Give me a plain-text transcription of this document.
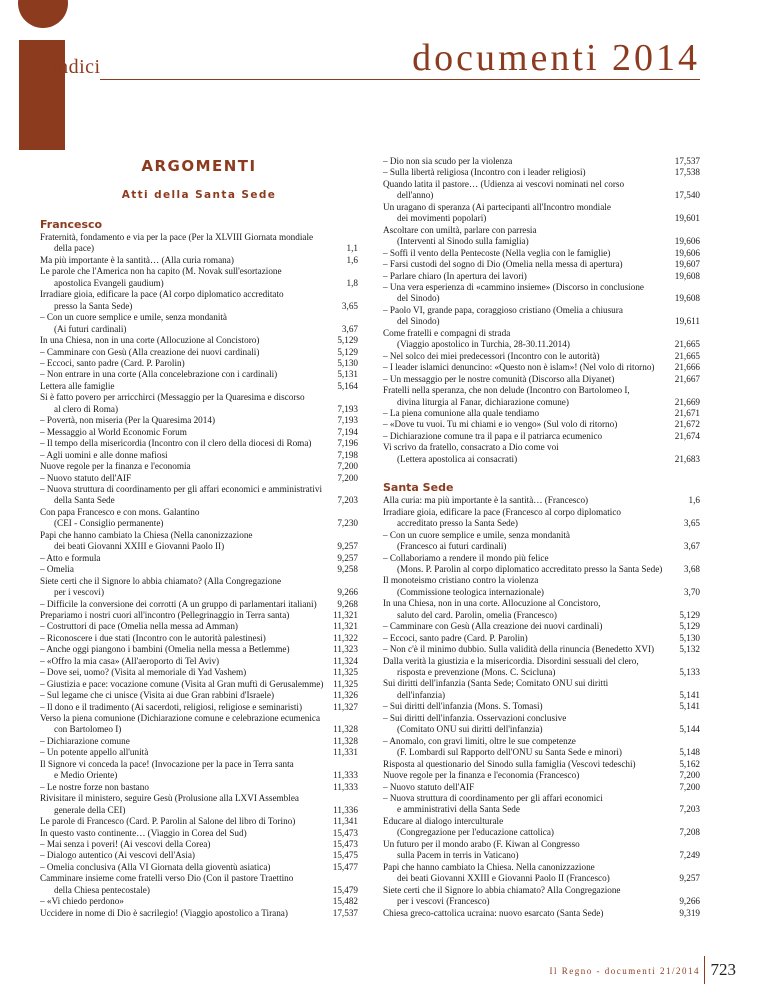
indici	documenti 2014
ARGOMENTI
Atti della Santa Sede
Francesco
Fraternità, fondamento e via per la pace (Per la XLVIII Giornata mondiale
della pace)	1,1
Ma più importante è la santità… (Alla curia romana)	1,6
Le parole che l'America non ha capito (M. Novak sull'esortazione
apostolica Evangeli gaudium)	1,8
Irradiare gioia, edificare la pace (Al corpo diplomatico accreditato
presso la Santa Sede)	3,65
– Con un cuore semplice e umile, senza mondanità
(Ai futuri cardinali)	3,67
In una Chiesa, non in una corte (Allocuzione al Concistoro)	5,129
– Camminare con Gesù (Alla creazione dei nuovi cardinali)	5,129
– Eccoci, santo padre (Card. P. Parolin)	5,130
– Non entrare in una corte (Alla concelebrazione con i cardinali)	5,131
Lettera alle famiglie	5,164
Si è fatto povero per arricchirci (Messaggio per la Quaresima e discorso
al clero di Roma)	7,193
– Povertà, non miseria (Per la Quaresima 2014)	7,193
– Messaggio al World Economic Forum	7,194
– Il tempo della misericordia (Incontro con il clero della diocesi di Roma)	7,196
– Agli uomini e alle donne mafiosi	7,198
Nuove regole per la finanza e l'economia	7,200
– Nuovo statuto dell'AIF	7,200
– Nuova struttura di coordinamento per gli affari economici e amministrativi
della Santa Sede	7,203
Con papa Francesco e con mons. Galantino
(CEI - Consiglio permanente)	7,230
Papi che hanno cambiato la Chiesa (Nella canonizzazione
dei beati Giovanni XXIII e Giovanni Paolo II)	9,257
– Atto e formula	9,257
– Omelia	9,258
Siete certi che il Signore lo abbia chiamato? (Alla Congregazione
per i vescovi)	9,266
– Difficile la conversione dei corrotti (A un gruppo di parlamentari italiani)	9,268
Prepariamo i nostri cuori all'incontro (Pellegrinaggio in Terra santa)	11,321
– Costruttori di pace (Omelia nella messa ad Amman)	11,321
– Riconoscere i due stati (Incontro con le autorità palestinesi)	11,322
– Anche oggi piangono i bambini (Omelia nella messa a Betlemme)	11,323
– «Offro la mia casa» (All'aeroporto di Tel Aviv)	11,324
– Dove sei, uomo? (Visita al memoriale di Yad Vashem)	11,325
– Giustizia e pace: vocazione comune (Visita al Gran muftì di Gerusalemme) 11,325
– Sul legame che ci unisce (Visita ai due Gran rabbini d'Israele)	11,326
– Il dono e il tradimento (Ai sacerdoti, religiosi, religiose e seminaristi)	11,327
Verso la piena comunione (Dichiarazione comune e celebrazione ecumenica
con Bartolomeo I)	11,328
– Dichiarazione comune	11,328
– Un potente appello all'unità	11,331
Il Signore vi conceda la pace! (Invocazione per la pace in Terra santa
e Medio Oriente)	11,333
– Le nostre forze non bastano	11,333
Rivisitare il ministero, seguire Gesù (Prolusione alla LXVI Assemblea
generale della CEI)	11,336
Le parole di Francesco (Card. P. Parolin al Salone del libro di Torino)	11,341
In questo vasto continente… (Viaggio in Corea del Sud)	15,473
– Mai senza i poveri! (Ai vescovi della Corea)	15,473
– Dialogo autentico (Ai vescovi dell'Asia)	15,475
– Omelia conclusiva (Alla VI Giornata della gioventù asiatica)	15,477
Camminare insieme come fratelli verso Dio (Con il pastore Traettino
della Chiesa pentecostale)	15,479
– «Vi chiedo perdono»	15,482
Uccidere in nome di Dio è sacrilegio! (Viaggio apostolico a Tirana)	17,537
– Dio non sia scudo per la violenza	17,537
– Sulla libertà religiosa (Incontro con i leader religiosi)	17,538
Quando latita il pastore… (Udienza ai vescovi nominati nel corso
dell'anno)	17,540
Un uragano di speranza (Ai partecipanti all'Incontro mondiale
dei movimenti popolari)	19,601
Ascoltare con umiltà, parlare con parresia
(Interventi al Sinodo sulla famiglia)	19,606
– Soffi il vento della Pentecoste (Nella veglia con le famiglie)	19,606
– Farsi custodi del sogno di Dio (Omelia nella messa di apertura)	19,607
– Parlare chiaro (In apertura dei lavori)	19,608
– Una vera esperienza di «cammino insieme» (Discorso in conclusione
del Sinodo)	19,608
– Paolo VI, grande papa, coraggioso cristiano (Omelia a chiusura
del Sinodo)	19,611
Come fratelli e compagni di strada
(Viaggio apostolico in Turchia, 28-30.11.2014)	21,665
– Nel solco dei miei predecessori (Incontro con le autorità)	21,665
– I leader islamici denuncino: «Questo non è islam»! (Nel volo di ritorno)	21,666
– Un messaggio per le nostre comunità (Discorso alla Diyanet)	21,667
Fratelli nella speranza, che non delude (Incontro con Bartolomeo I,
divina liturgia al Fanar, dichiarazione comune)	21,669
– La piena comunione alla quale tendiamo	21,671
– «Dove tu vuoi. Tu mi chiami e io vengo» (Sul volo di ritorno)	21,672
– Dichiarazione comune tra il papa e il patriarca ecumenico	21,674
Vi scrivo da fratello, consacrato a Dio come voi
(Lettera apostolica ai consacrati)	21,683
Santa Sede
Alla curia: ma più importante è la santità… (Francesco)	1,6
Irradiare gioia, edificare la pace (Francesco al corpo diplomatico
accreditato presso la Santa Sede)	3,65
– Con un cuore semplice e umile, senza mondanità
(Francesco ai futuri cardinali)	3,67
– Collaboriamo a rendere il mondo più felice
(Mons. P. Parolin al corpo diplomatico accreditato presso la Santa Sede)	3,68
Il monoteismo cristiano contro la violenza
(Commissione teologica internazionale)	3,70
In una Chiesa, non in una corte. Allocuzione al Concistoro,
saluto del card. Parolin, omelia (Francesco)	5,129
– Camminare con Gesù (Alla creazione dei nuovi cardinali)	5,129
– Eccoci, santo padre (Card. P. Parolin)	5,130
– Non c'è il minimo dubbio. Sulla validità della rinuncia (Benedetto XVI)	5,132
Dalla verità la giustizia e la misericordia. Disordini sessuali del clero,
risposta e prevenzione (Mons. C. Scicluna)	5,133
Sui diritti dell'infanzia (Santa Sede; Comitato ONU sui diritti
dell'infanzia)	5,141
– Sui diritti dell'infanzia (Mons. S. Tomasi)	5,141
– Sui diritti dell'infanzia. Osservazioni conclusive
(Comitato ONU sui diritti dell'infanzia)	5,144
– Anomalo, con gravi limiti, oltre le sue competenze
(F. Lombardi sul Rapporto dell'ONU su Santa Sede e minori)	5,148
Risposta al questionario del Sinodo sulla famiglia (Vescovi tedeschi)	5,162
Nuove regole per la finanza e l'economia (Francesco)	7,200
– Nuovo statuto dell'AIF	7,200
– Nuova struttura di coordinamento per gli affari economici
e amministrativi della Santa Sede	7,203
Educare al dialogo interculturale
(Congregazione per l'educazione cattolica)	7,208
Un futuro per il mondo arabo (F. Kiwan al Congresso
sulla Pacem in terris in Vaticano)	7,249
Papi che hanno cambiato la Chiesa. Nella canonizzazione
dei beati Giovanni XXIII e Giovanni Paolo II (Francesco)	9,257
Siete certi che il Signore lo abbia chiamato? Alla Congregazione
per i vescovi (Francesco)	9,266
Chiesa greco-cattolica ucraina: nuovo esarcato (Santa Sede)	9,319
Il Regno - documenti 21/2014 723
